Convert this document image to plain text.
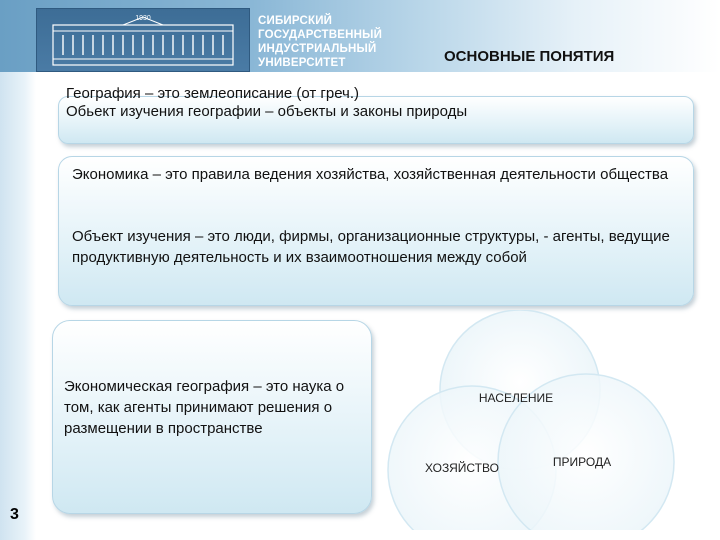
1930	СИБИРСКИЙ
ГОСУДАРСТВЕННЫЙ
ИНДУСТРИАЛЬНЫЙ
УНИВЕРСИТЕТ	ОСНОВНЫЕ ПОНЯТИЯ
География – это землеописание (от греч.)
Обьект изучения географии – объекты и законы природы
Экономика – это правила ведения хозяйства, хозяйственная деятельности общества
Объект изучения – это люди, фирмы, организационные структуры, - агенты, ведущие продуктивную деятельность и их взаимоотношения между собой
Экономическая география – это наука о том, как агенты принимают решения о размещении в пространстве
НАСЕЛЕНИЕ
ХОЗЯЙСТВО	ПРИРОДА
3
